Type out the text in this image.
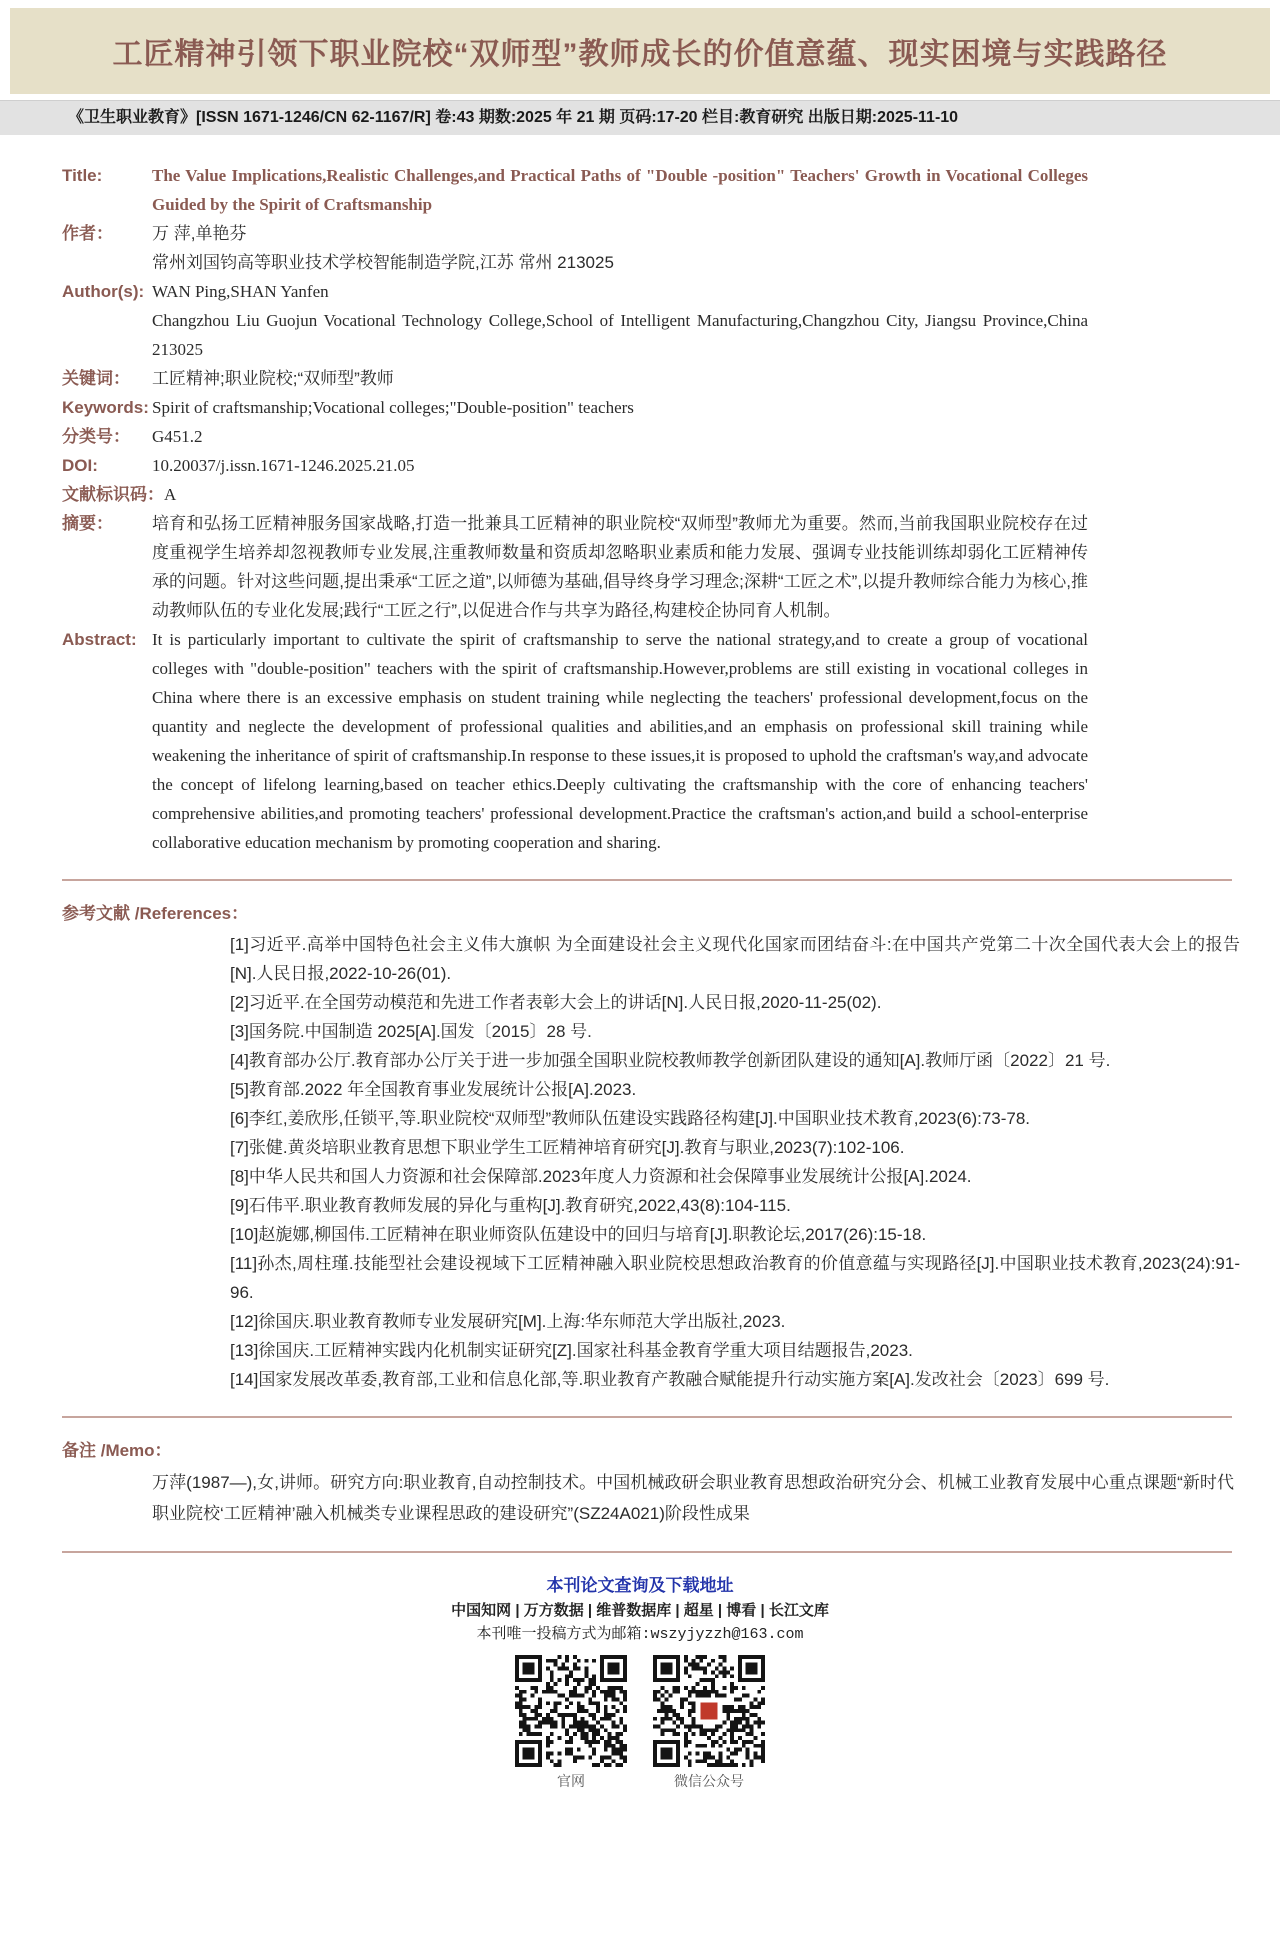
工匠精神引领下职业院校“双师型”教师成长的价值意蕴、现实困境与实践路径
《卫生职业教育》[ISSN 1671-1246/CN 62-1167/R] 卷:43 期数:2025 年 21 期 页码:17-20 栏目:教育研究 出版日期:2025-11-10
Title:	The Value Implications,Realistic Challenges,and Practical Paths of "Double -position" Teachers' Growth in Vocational Colleges Guided by the Spirit of Craftsmanship
作者：	万 萍,单艳芬
常州刘国钧高等职业技术学校智能制造学院,江苏 常州 213025
Author(s): WAN Ping,SHAN Yanfen
Changzhou Liu Guojun Vocational Technology College,School of Intelligent Manufacturing,Changzhou City, Jiangsu Province,China 213025
关键词：	工匠精神;职业院校;“双师型”教师
Keywords: Spirit of craftsmanship;Vocational colleges;"Double-position" teachers
分类号：	G451.2
DOI:	10.20037/j.issn.1671-1246.2025.21.05
文献标识码： A
摘要：	培育和弘扬工匠精神服务国家战略,打造一批兼具工匠精神的职业院校“双师型”教师尤为重要。然而,当前我国职业院校存在过度重视学生培养却忽视教师专业发展,注重教师数量和资质却忽略职业素质和能力发展、强调专业技能训练却弱化工匠精神传承的问题。针对这些问题,提出秉承“工匠之道”,以师德为基础,倡导终身学习理念;深耕“工匠之术”,以提升教师综合能力为核心,推动教师队伍的专业化发展;践行“工匠之行”,以促进合作与共享为路径,构建校企协同育人机制。
Abstract: It is particularly important to cultivate the spirit of craftsmanship to serve the national strategy,and to create a group of vocational colleges with "double-position" teachers with the spirit of craftsmanship.However,problems are still existing in vocational colleges in China where there is an excessive emphasis on student training while neglecting the teachers' professional development,focus on the quantity and neglecte the development of professional qualities and abilities,and an emphasis on professional skill training while weakening the inheritance of spirit of craftsmanship.In response to these issues,it is proposed to uphold the craftsman's way,and advocate the concept of lifelong learning,based on teacher ethics.Deeply cultivating the craftsmanship with the core of enhancing teachers' comprehensive abilities,and promoting teachers' professional development.Practice the craftsman's action,and build a school-enterprise collaborative education mechanism by promoting cooperation and sharing.
参考文献 /References：
[1]习近平.高举中国特色社会主义伟大旗帜 为全面建设社会主义现代化国家而团结奋斗:在中国共产党第二十次全国代表大会上的报告[N].人民日报,2022-10-26(01).
[2]习近平.在全国劳动模范和先进工作者表彰大会上的讲话[N].人民日报,2020-11-25(02).
[3]国务院.中国制造 2025[A].国发〔2015〕28 号.
[4]教育部办公厅.教育部办公厅关于进一步加强全国职业院校教师教学创新团队建设的通知[A].教师厅函〔2022〕21 号.
[5]教育部.2022 年全国教育事业发展统计公报[A].2023.
[6]李红,姜欣彤,任锁平,等.职业院校“双师型”教师队伍建设实践路径构建[J].中国职业技术教育,2023(6):73-78.
[7]张健.黄炎培职业教育思想下职业学生工匠精神培育研究[J].教育与职业,2023(7):102-106.
[8]中华人民共和国人力资源和社会保障部.2023年度人力资源和社会保障事业发展统计公报[A].2024.
[9]石伟平.职业教育教师发展的异化与重构[J].教育研究,2022,43(8):104-115.
[10]赵旎娜,柳国伟.工匠精神在职业师资队伍建设中的回归与培育[J].职教论坛,2017(26):15-18.
[11]孙杰,周柱瑾.技能型社会建设视域下工匠精神融入职业院校思想政治教育的价值意蕴与实现路径[J].中国职业技术教育,2023(24):91-96.
[12]徐国庆.职业教育教师专业发展研究[M].上海:华东师范大学出版社,2023.
[13]徐国庆.工匠精神实践内化机制实证研究[Z].国家社科基金教育学重大项目结题报告,2023.
[14]国家发展改革委,教育部,工业和信息化部,等.职业教育产教融合赋能提升行动实施方案[A].发改社会〔2023〕699 号.
备注 /Memo：
万萍(1987—),女,讲师。研究方向:职业教育,自动控制技术。中国机械政研会职业教育思想政治研究分会、机械工业教育发展中心重点课题“新时代职业院校‘工匠精神’融入机械类专业课程思政的建设研究”(SZ24A021)阶段性成果
本刊论文查询及下载地址
中国知网 | 万方数据 | 维普数据库 | 超星 | 博看 | 长江文库
本刊唯一投稿方式为邮箱:wszyjyzzh@163.com
官网	微信公众号
